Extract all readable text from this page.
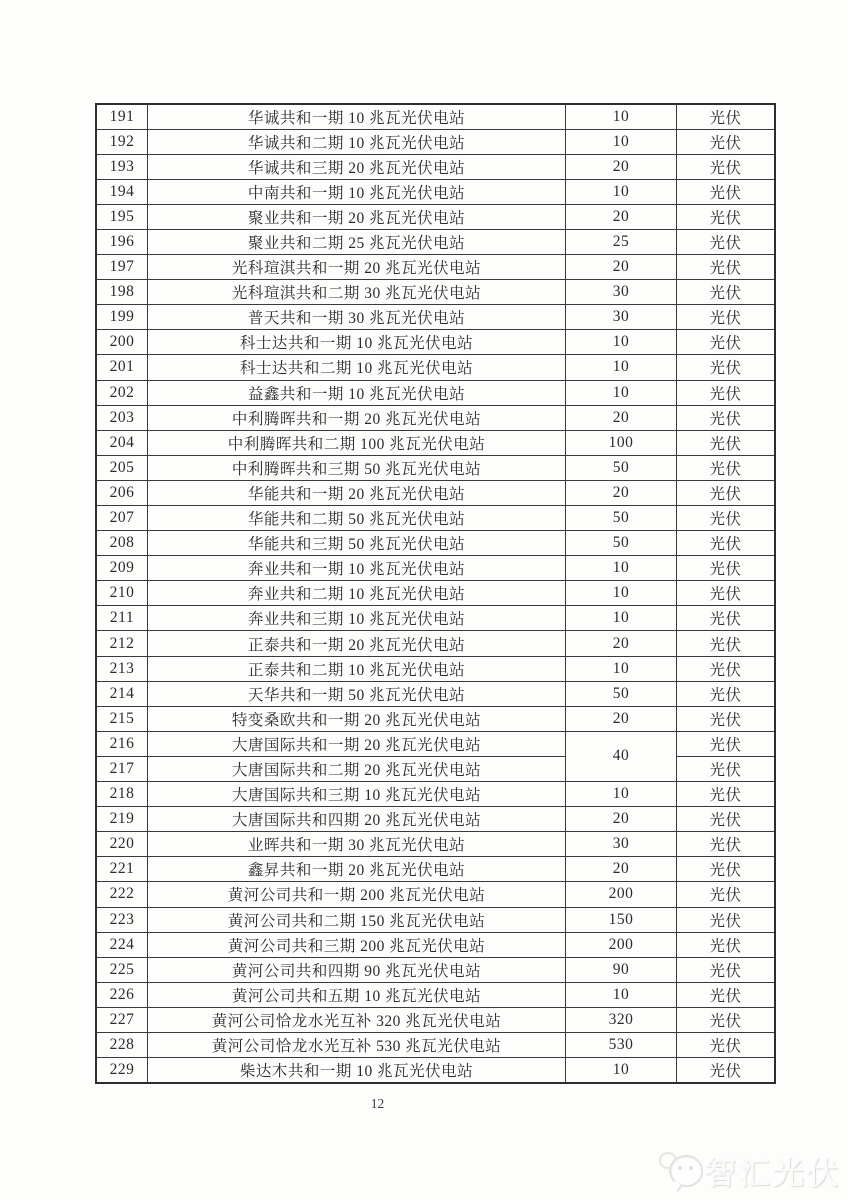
191	华诚共和一期 10 兆瓦光伏电站	10	光伏
192	华诚共和二期 10 兆瓦光伏电站	10	光伏
193	华诚共和三期 20 兆瓦光伏电站	20	光伏
194	中南共和一期 10 兆瓦光伏电站	10	光伏
195	聚业共和一期 20 兆瓦光伏电站	20	光伏
196	聚业共和二期 25 兆瓦光伏电站	25	光伏
197	光科瑄淇共和一期 20 兆瓦光伏电站	20	光伏
198	光科瑄淇共和二期 30 兆瓦光伏电站	30	光伏
199	普天共和一期 30 兆瓦光伏电站	30	光伏
200	科士达共和一期 10 兆瓦光伏电站	10	光伏
201	科士达共和二期 10 兆瓦光伏电站	10	光伏
202	益鑫共和一期 10 兆瓦光伏电站	10	光伏
203	中利腾晖共和一期 20 兆瓦光伏电站	20	光伏
204	中利腾晖共和二期 100 兆瓦光伏电站	100	光伏
205	中利腾晖共和三期 50 兆瓦光伏电站	50	光伏
206	华能共和一期 20 兆瓦光伏电站	20	光伏
207	华能共和二期 50 兆瓦光伏电站	50	光伏
208	华能共和三期 50 兆瓦光伏电站	50	光伏
209	奔业共和一期 10 兆瓦光伏电站	10	光伏
210	奔业共和二期 10 兆瓦光伏电站	10	光伏
211	奔业共和三期 10 兆瓦光伏电站	10	光伏
212	正泰共和一期 20 兆瓦光伏电站	20	光伏
213	正泰共和二期 10 兆瓦光伏电站	10	光伏
214	天华共和一期 50 兆瓦光伏电站	50	光伏
215	特变桑欧共和一期 20 兆瓦光伏电站	20	光伏
216	大唐国际共和一期 20 兆瓦光伏电站	40	光伏
217	大唐国际共和二期 20 兆瓦光伏电站		光伏
218	大唐国际共和三期 10 兆瓦光伏电站	10	光伏
219	大唐国际共和四期 20 兆瓦光伏电站	20	光伏
220	业晖共和一期 30 兆瓦光伏电站	30	光伏
221	鑫昇共和一期 20 兆瓦光伏电站	20	光伏
222	黄河公司共和一期 200 兆瓦光伏电站	200	光伏
223	黄河公司共和二期 150 兆瓦光伏电站	150	光伏
224	黄河公司共和三期 200 兆瓦光伏电站	200	光伏
225	黄河公司共和四期 90 兆瓦光伏电站	90	光伏
226	黄河公司共和五期 10 兆瓦光伏电站	10	光伏
227	黄河公司恰龙水光互补 320 兆瓦光伏电站	320	光伏
228	黄河公司恰龙水光互补 530 兆瓦光伏电站	530	光伏
229	柴达木共和一期 10 兆瓦光伏电站	10	光伏
12
智汇光伏
